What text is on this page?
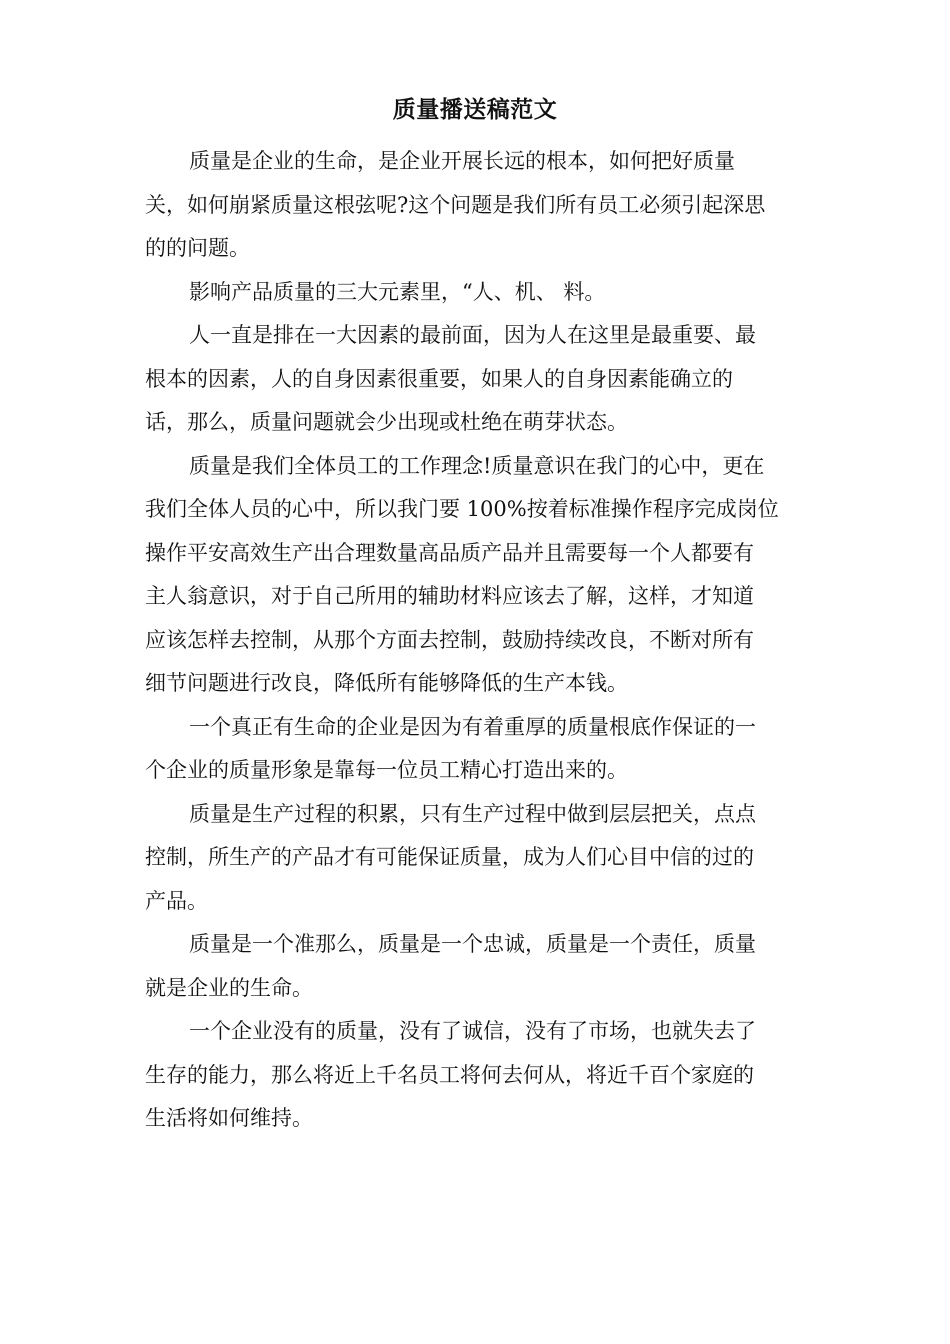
质量播送稿范文
质量是企业的生命，是企业开展长远的根本，如何把好质量
关，如何崩紧质量这根弦呢?这个问题是我们所有员工必须引起深思
的的问题。
影响产品质量的三大元素里，“人、机、 料。
人一直是排在一大因素的最前面，因为人在这里是最重要、最
根本的因素，人的自身因素很重要，如果人的自身因素能确立的
话，那么，质量问题就会少出现或杜绝在萌芽状态。
质量是我们全体员工的工作理念!质量意识在我门的心中，更在
我们全体人员的心中，所以我门要 100%按着标准操作程序完成岗位
操作平安高效生产出合理数量高品质产品并且需要每一个人都要有
主人翁意识，对于自己所用的辅助材料应该去了解，这样，才知道
应该怎样去控制，从那个方面去控制，鼓励持续改良，不断对所有
细节问题进行改良，降低所有能够降低的生产本钱。
一个真正有生命的企业是因为有着重厚的质量根底作保证的一
个企业的质量形象是靠每一位员工精心打造出来的。
质量是生产过程的积累，只有生产过程中做到层层把关，点点
控制，所生产的产品才有可能保证质量，成为人们心目中信的过的
产品。
质量是一个准那么，质量是一个忠诚，质量是一个责任，质量
就是企业的生命。
一个企业没有的质量，没有了诚信，没有了市场，也就失去了
生存的能力，那么将近上千名员工将何去何从，将近千百个家庭的
生活将如何维持。
